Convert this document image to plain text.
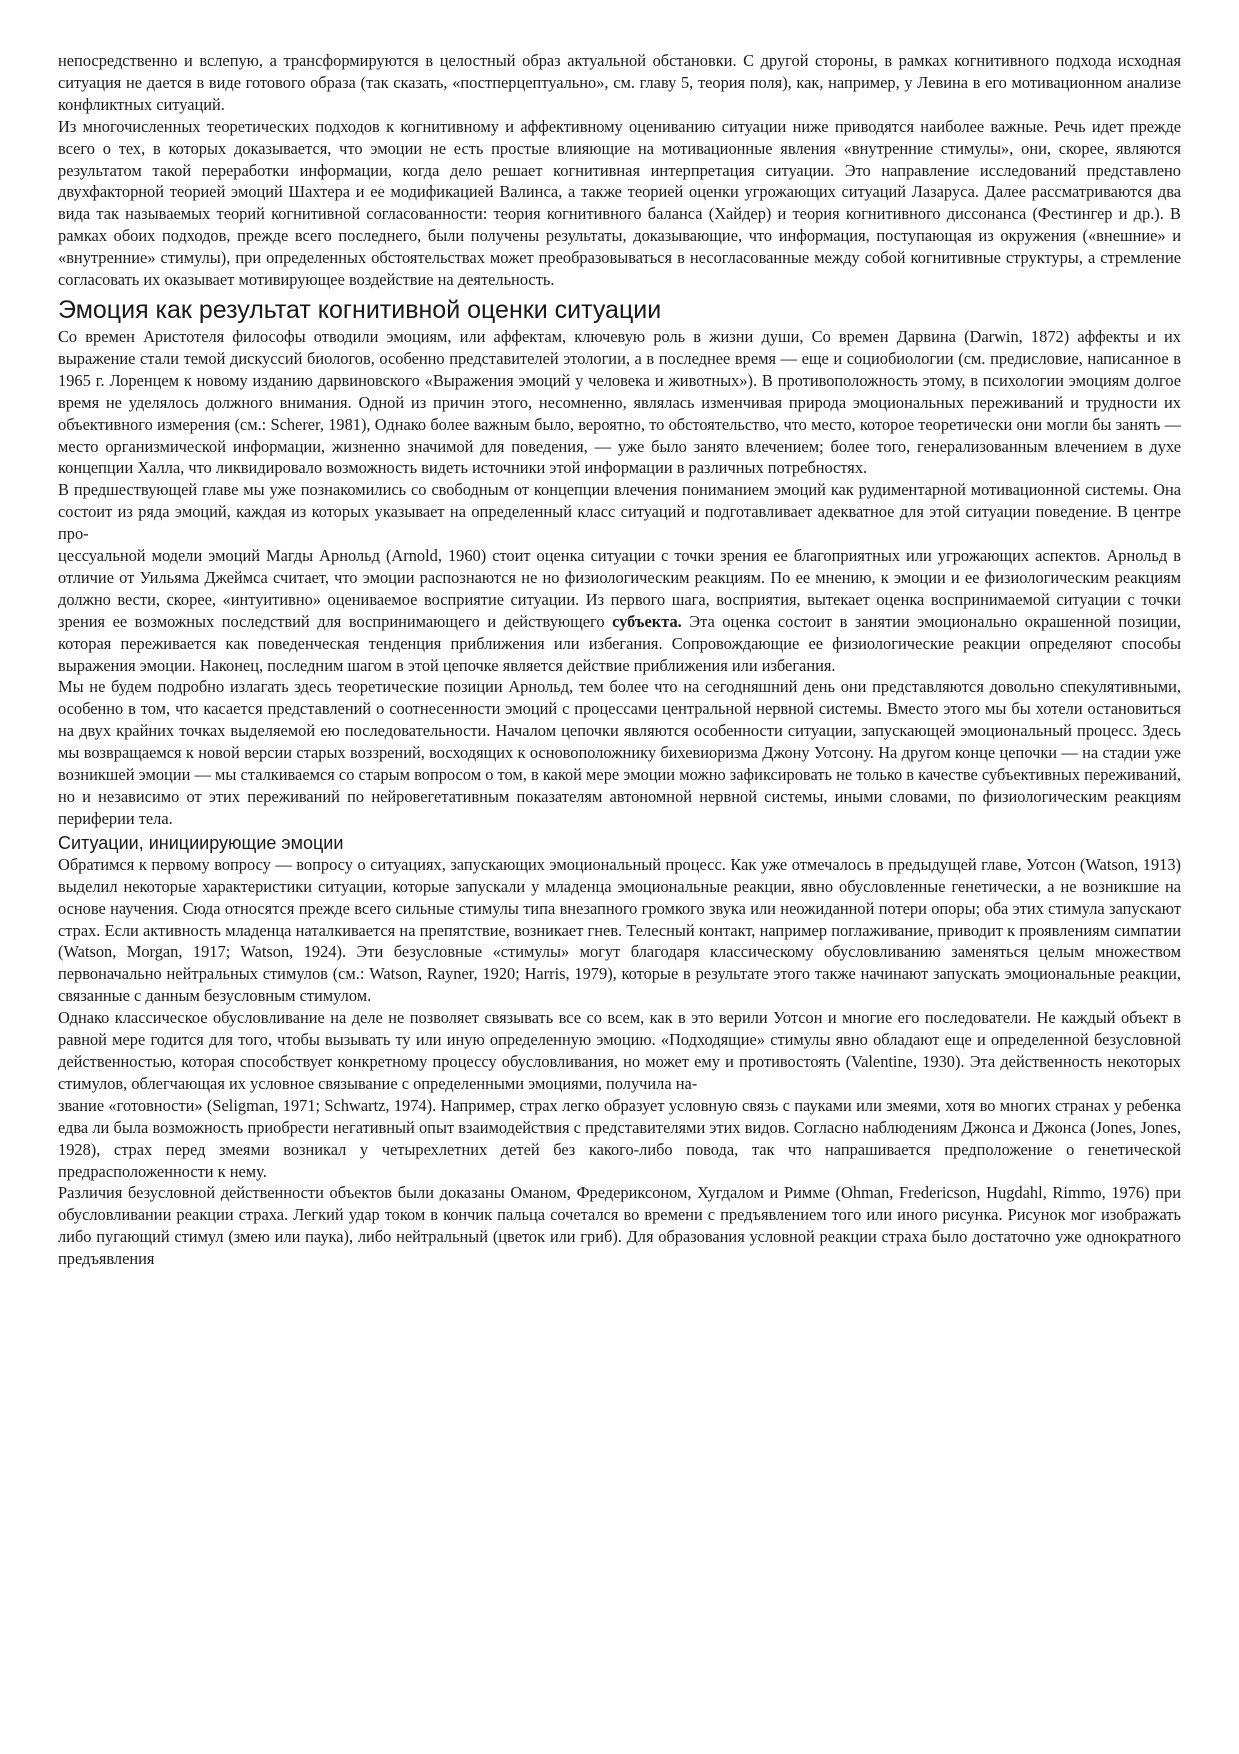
непосредственно и вслепую, а трансформируются в целостный образ актуальной обстановки. С другой стороны, в рамках когнитивного подхода исходная ситуация не дается в виде готового образа (так сказать, «постперцептуально», см. главу 5, теория поля), как, например, у Левина в его мотивационном анализе конфликтных ситуаций.

Из многочисленных теоретических подходов к когнитивному и аффективному оцениванию ситуации ниже приводятся наиболее важные. Речь идет прежде всего о тех, в которых доказывается, что эмоции не есть простые влияющие на мотивационные явления «внутренние стимулы», они, скорее, являются результатом такой переработки информации, когда дело решает когнитивная интерпретация ситуации. Это направление исследований представлено двухфакторной теорией эмоций Шахтера и ее модификацией Валинса, а также теорией оценки угрожающих ситуаций Лазаруса. Далее рассматриваются два вида так называемых теорий когнитивной согласованности: теория когнитивного баланса (Хайдер) и теория когнитивного диссонанса (Фестингер и др.). В рамках обоих подходов, прежде всего последнего, были получены результаты, доказывающие, что информация, поступающая из окружения («внешние» и «внутренние» стимулы), при определенных обстоятельствах может преобразовываться в несогласованные между собой когнитивные структуры, а стремление согласовать их оказывает мотивирующее воздействие на деятельность.

Эмоция как результат когнитивной оценки ситуации

Со времен Аристотеля философы отводили эмоциям, или аффектам, ключевую роль в жизни души, Со времен Дарвина (Darwin, 1872) аффекты и их выражение стали темой дискуссий биологов, особенно представителей этологии, а в последнее время — еще и социобиологии (см. предисловие, написанное в 1965 г. Лоренцем к новому изданию дарвиновского «Выражения эмоций у человека и животных»). В противоположность этому, в психологии эмоциям долгое время не уделялось должного внимания. Одной из причин этого, несомненно, являлась изменчивая природа эмоциональных переживаний и трудности их объективного измерения (см.: Scherer, 1981), Однако более важным было, вероятно, то обстоятельство, что место, которое теоретически они могли бы занять — место организмической информации, жизненно значимой для поведения, — уже было занято влечением; более того, генерализованным влечением в духе концепции Халла, что ликвидировало возможность видеть источники этой информации в различных потребностях.

В предшествующей главе мы уже познакомились со свободным от концепции влечения пониманием эмоций как рудиментарной мотивационной системы. Она состоит из ряда эмоций, каждая из которых указывает на определенный класс ситуаций и подготавливает адекватное для этой ситуации поведение. В центре про-

цессуальной модели эмоций Магды Арнольд (Arnold, 1960) стоит оценка ситуации с точки зрения ее благоприятных или угрожающих аспектов. Арнольд в отличие от Уильяма Джеймса считает, что эмоции распознаются не но физиологическим реакциям. По ее мнению, к эмоции и ее физиологическим реакциям должно вести, скорее, «интуитивно» оцениваемое восприятие ситуации. Из первого шага, восприятия, вытекает оценка воспринимаемой ситуации с точки зрения ее возможных последствий для воспринимающего и действующего субъекта. Эта оценка состоит в занятии эмоционально окрашенной позиции, которая переживается как поведенческая тенденция приближения или избегания. Сопровождающие ее физиологические реакции определяют способы выражения эмоции. Наконец, последним шагом в этой цепочке является действие приближения или избегания.

Мы не будем подробно излагать здесь теоретические позиции Арнольд, тем более что на сегодняшний день они представляются довольно спекулятивными, особенно в том, что касается представлений о соотнесенности эмоций с процессами центральной нервной системы. Вместо этого мы бы хотели остановиться на двух крайних точках выделяемой ею последовательности. Началом цепочки являются особенности ситуации, запускающей эмоциональный процесс. Здесь мы возвращаемся к новой версии старых воззрений, восходящих к основоположнику бихевиоризма Джону Уотсону. На другом конце цепочки — на стадии уже возникшей эмоции — мы сталкиваемся со старым вопросом о том, в какой мере эмоции можно зафиксировать не только в качестве субъективных переживаний, но и независимо от этих переживаний по нейровегетативным показателям автономной нервной системы, иными словами, по физиологическим реакциям периферии тела.

Ситуации, инициирующие эмоции

Обратимся к первому вопросу — вопросу о ситуациях, запускающих эмоциональный процесс. Как уже отмечалось в предыдущей главе, Уотсон (Watson, 1913) выделил некоторые характеристики ситуации, которые запускали у младенца эмоциональные реакции, явно обусловленные генетически, а не возникшие на основе научения. Сюда относятся прежде всего сильные стимулы типа внезапного громкого звука или неожиданной потери опоры; оба этих стимула запускают страх. Если активность младенца наталкивается на препятствие, возникает гнев. Телесный контакт, например поглаживание, приводит к проявлениям симпатии (Watson, Morgan, 1917; Watson, 1924). Эти безусловные «стимулы» могут благодаря классическому обусловливанию заменяться целым множеством первоначально нейтральных стимулов (см.: Watson, Rayner, 1920; Harris, 1979), которые в результате этого также начинают запускать эмоциональные реакции, связанные с данным безусловным стимулом.

Однако классическое обусловливание на деле не позволяет связывать все со всем, как в это верили Уотсон и многие его последователи. Не каждый объект в равной мере годится для того, чтобы вызывать ту или иную определенную эмоцию. «Подходящие» стимулы явно обладают еще и определенной безусловной действенностью, которая способствует конкретному процессу обусловливания, но может ему и противостоять (Valentine, 1930). Эта действенность некоторых стимулов, облегчающая их условное связывание с определенными эмоциями, получила на-

звание «готовности» (Seligman, 1971; Schwartz, 1974). Например, страх легко образует условную связь с пауками или змеями, хотя во многих странах у ребенка едва ли была возможность приобрести негативный опыт взаимодействия с представителями этих видов. Согласно наблюдениям Джонса и Джонса (Jones, Jones, 1928), страх перед змеями возникал у четырехлетних детей без какого-либо повода, так что напрашивается предположение о генетической предрасположенности к нему.

Различия безусловной действенности объектов были доказаны Оманом, Фредериксоном, Хугдалом и Римме (Ohman, Fredericson, Hugdahl, Rimmo, 1976) при обусловливании реакции страха. Легкий удар током в кончик пальца сочетался во времени с предъявлением того или иного рисунка. Рисунок мог изображать либо пугающий стимул (змею или паука), либо нейтральный (цветок или гриб). Для образования условной реакции страха было достаточно уже однократного предъявления
